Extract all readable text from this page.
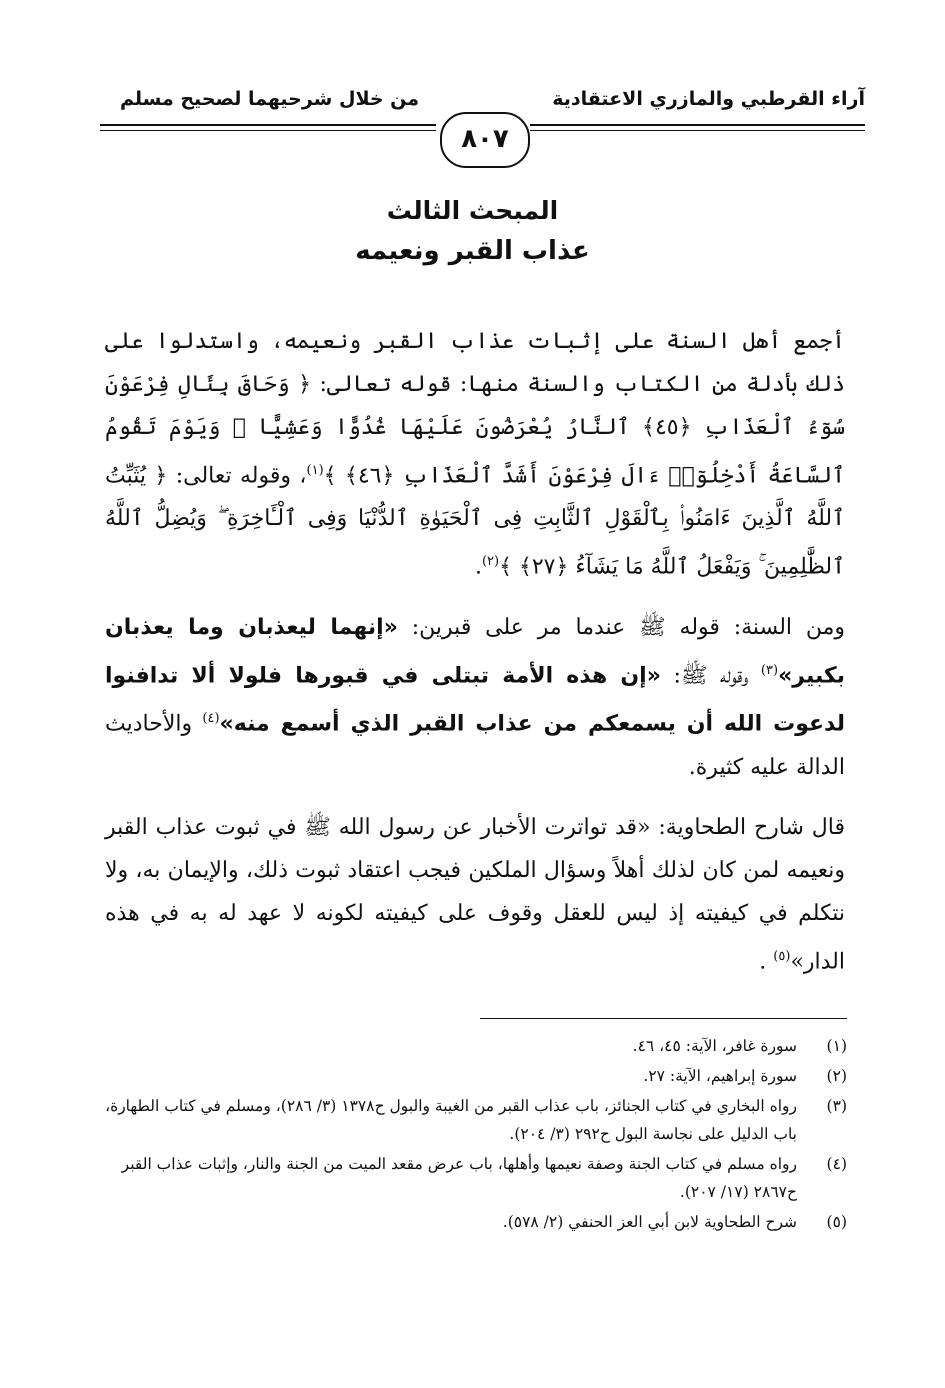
آراء القرطبي والمازري الاعتقادية
من خلال شرحيهما لصحيح مسلم
٨٠٧
المبحث الثالث
عذاب القبر ونعيمه

أجمع أهل السنة على إثبات عذاب القبر ونعيمه، واستدلوا على ذلك بأدلة من الكتاب والسنة منها: قوله تعالى: ﴿ وَحَاقَ بِئَالِ فِرْعَوْنَ سُوٓءُ ٱلْعَذَابِ ﴿٤٥﴾ ٱلنَّارُ يُعْرَضُونَ عَلَيْهَا غُدُوًّا وَعَشِيًّا ۖ وَيَوْمَ تَقُومُ ٱلسَّاعَةُ أَدْخِلُوٓا۟ ءَالَ فِرْعَوْنَ أَشَدَّ ٱلْعَذَابِ ﴿٤٦﴾ ﴾$^{(١)}$، وقوله تعالى: ﴿ يُثَبِّتُ ٱللَّهُ ٱلَّذِينَ ءَامَنُوا۟ بِٱلْقَوْلِ ٱلثَّابِتِ فِى ٱلْحَيَوٰةِ ٱلدُّنْيَا وَفِى ٱلْـَٔاخِرَةِ ۖ وَيُضِلُّ ٱللَّهُ ٱلظَّٰلِمِينَ ۚ وَيَفْعَلُ ٱللَّهُ مَا يَشَآءُ ﴿٢٧﴾ ﴾$^{(٢)}$.

ومن السنة: قوله ﷺ عندما مر على قبرين: «إنهما ليعذبان وما يعذبان بكبير»$^{(٣)}$ وقوله ﷺ: «إن هذه الأمة تبتلى في قبورها فلولا ألا تدافنوا لدعوت الله أن يسمعكم من عذاب القبر الذي أسمع منه»$^{(٤)}$ والأحاديث الدالة عليه كثيرة.

قال شارح الطحاوية: «قد تواترت الأخبار عن رسول الله ﷺ في ثبوت عذاب القبر ونعيمه لمن كان لذلك أهلاً وسؤال الملكين فيجب اعتقاد ثبوت ذلك، والإيمان به، ولا نتكلم في كيفيته إذ ليس للعقل وقوف على كيفيته لكونه لا عهد له به في هذه الدار»$^{(٥)}$ .

(١)
سورة غافر، الآية: ٤٥، ٤٦.
(٢)
سورة إبراهيم، الآية: ٢٧.
(٣)
رواه البخاري في كتاب الجنائز، باب عذاب القبر من الغيبة والبول ح١٣٧٨ (٣/ ٢٨٦)، ومسلم في كتاب الطهارة، باب الدليل على نجاسة البول ح٢٩٢ (٣/ ٢٠٤).
(٤)
رواه مسلم في كتاب الجنة وصفة نعيمها وأهلها، باب عرض مقعد الميت من الجنة والنار، وإثبات عذاب القبر ح٢٨٦٧ (١٧/ ٢٠٧).
(٥)
شرح الطحاوية لابن أبي العز الحنفي (٢/ ٥٧٨).
